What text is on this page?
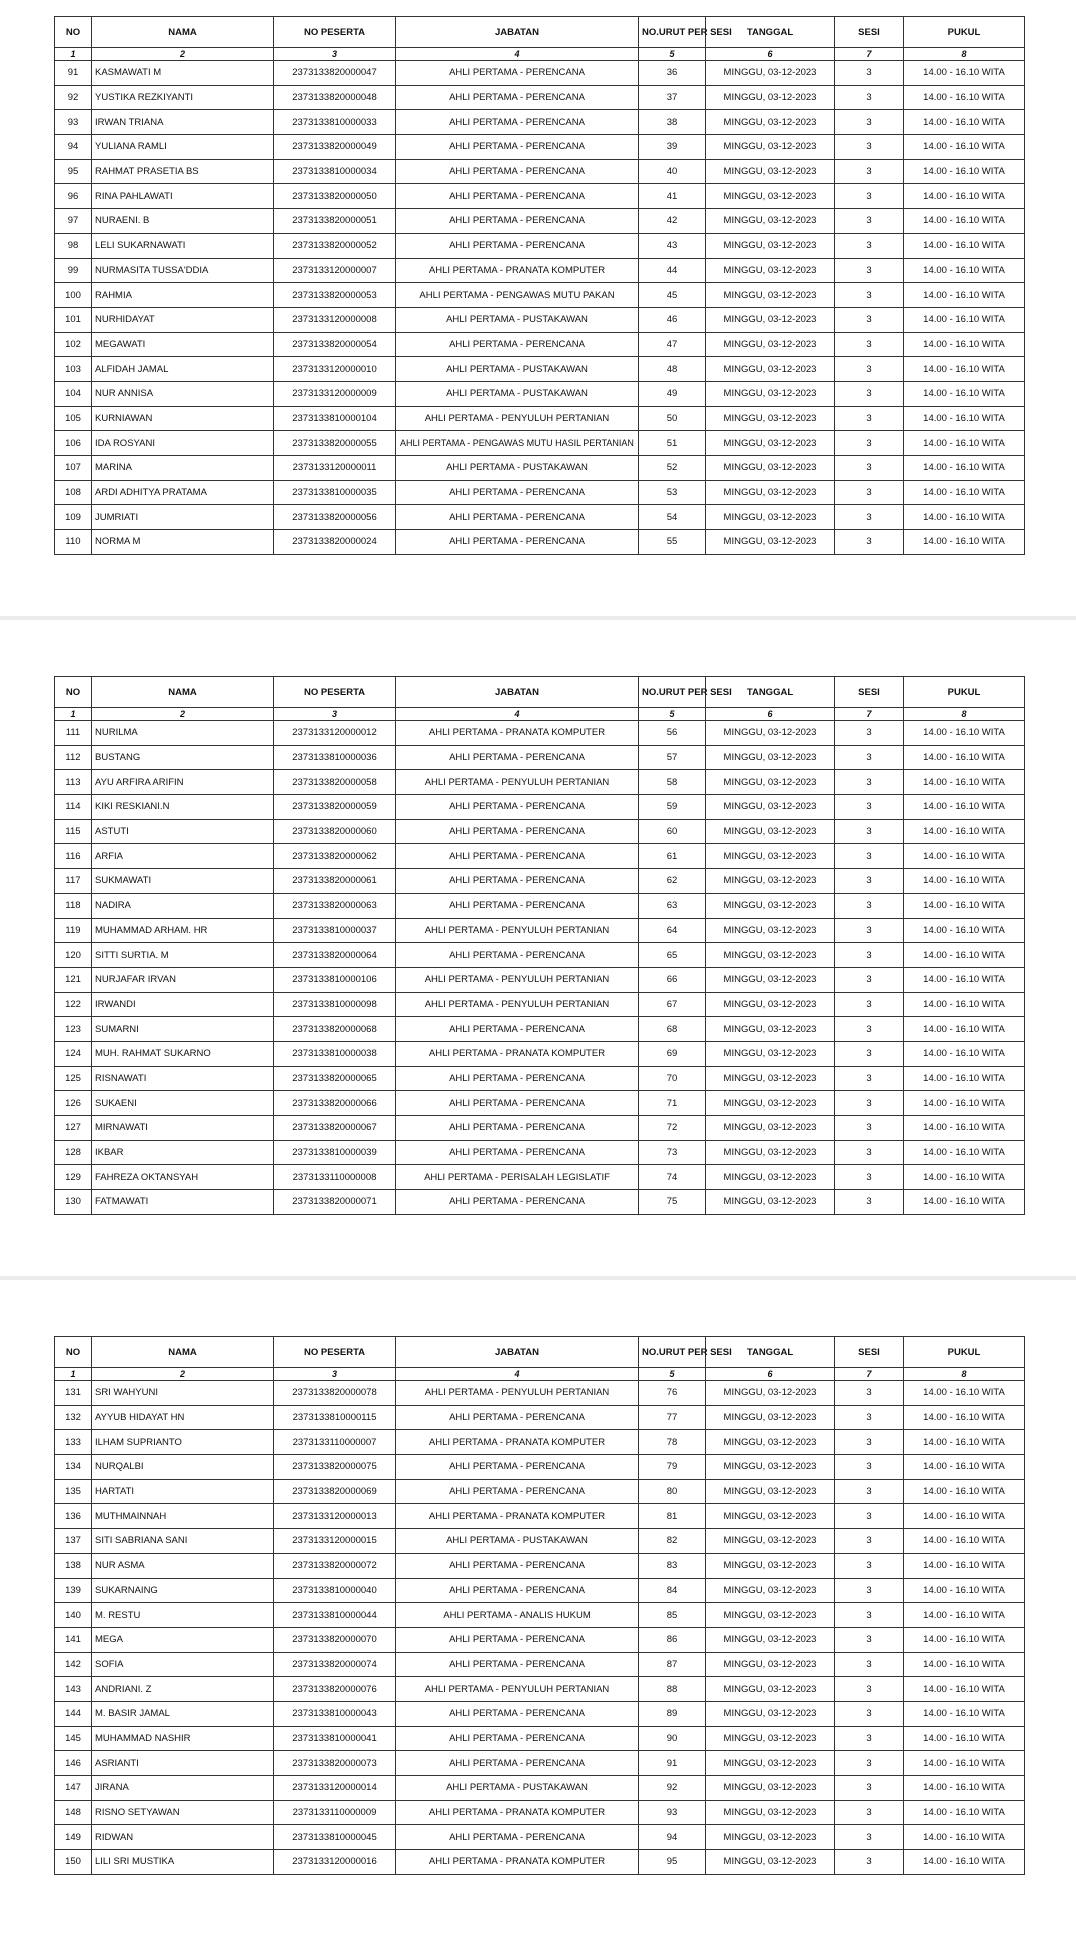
NO	NAMA	NO PESERTA	JABATAN	NO.URUT PER SESI	TANGGAL	SESI	PUKUL
1	2	3	4	5	6	7	8
91	KASMAWATI M	2373133820000047	AHLI PERTAMA - PERENCANA	36	MINGGU, 03-12-2023	3	14.00 - 16.10 WITA
92	YUSTIKA REZKIYANTI	2373133820000048	AHLI PERTAMA - PERENCANA	37	MINGGU, 03-12-2023	3	14.00 - 16.10 WITA
93	IRWAN TRIANA	2373133810000033	AHLI PERTAMA - PERENCANA	38	MINGGU, 03-12-2023	3	14.00 - 16.10 WITA
94	YULIANA RAMLI	2373133820000049	AHLI PERTAMA - PERENCANA	39	MINGGU, 03-12-2023	3	14.00 - 16.10 WITA
95	RAHMAT PRASETIA BS	2373133810000034	AHLI PERTAMA - PERENCANA	40	MINGGU, 03-12-2023	3	14.00 - 16.10 WITA
96	RINA PAHLAWATI	2373133820000050	AHLI PERTAMA - PERENCANA	41	MINGGU, 03-12-2023	3	14.00 - 16.10 WITA
97	NURAENI. B	2373133820000051	AHLI PERTAMA - PERENCANA	42	MINGGU, 03-12-2023	3	14.00 - 16.10 WITA
98	LELI SUKARNAWATI	2373133820000052	AHLI PERTAMA - PERENCANA	43	MINGGU, 03-12-2023	3	14.00 - 16.10 WITA
99	NURMASITA TUSSA'DDIA	2373133120000007	AHLI PERTAMA - PRANATA KOMPUTER	44	MINGGU, 03-12-2023	3	14.00 - 16.10 WITA
100	RAHMIA	2373133820000053	AHLI PERTAMA - PENGAWAS MUTU PAKAN	45	MINGGU, 03-12-2023	3	14.00 - 16.10 WITA
101	NURHIDAYAT	2373133120000008	AHLI PERTAMA - PUSTAKAWAN	46	MINGGU, 03-12-2023	3	14.00 - 16.10 WITA
102	MEGAWATI	2373133820000054	AHLI PERTAMA - PERENCANA	47	MINGGU, 03-12-2023	3	14.00 - 16.10 WITA
103	ALFIDAH JAMAL	2373133120000010	AHLI PERTAMA - PUSTAKAWAN	48	MINGGU, 03-12-2023	3	14.00 - 16.10 WITA
104	NUR ANNISA	2373133120000009	AHLI PERTAMA - PUSTAKAWAN	49	MINGGU, 03-12-2023	3	14.00 - 16.10 WITA
105	KURNIAWAN	2373133810000104	AHLI PERTAMA - PENYULUH PERTANIAN	50	MINGGU, 03-12-2023	3	14.00 - 16.10 WITA
106	IDA ROSYANI	2373133820000055	AHLI PERTAMA - PENGAWAS MUTU HASIL PERTANIAN	51	MINGGU, 03-12-2023	3	14.00 - 16.10 WITA
107	MARINA	2373133120000011	AHLI PERTAMA - PUSTAKAWAN	52	MINGGU, 03-12-2023	3	14.00 - 16.10 WITA
108	ARDI ADHITYA PRATAMA	2373133810000035	AHLI PERTAMA - PERENCANA	53	MINGGU, 03-12-2023	3	14.00 - 16.10 WITA
109	JUMRIATI	2373133820000056	AHLI PERTAMA - PERENCANA	54	MINGGU, 03-12-2023	3	14.00 - 16.10 WITA
110	NORMA M	2373133820000024	AHLI PERTAMA - PERENCANA	55	MINGGU, 03-12-2023	3	14.00 - 16.10 WITA
NO	NAMA	NO PESERTA	JABATAN	NO.URUT PER SESI	TANGGAL	SESI	PUKUL
1	2	3	4	5	6	7	8
111	NURILMA	2373133120000012	AHLI PERTAMA - PRANATA KOMPUTER	56	MINGGU, 03-12-2023	3	14.00 - 16.10 WITA
112	BUSTANG	2373133810000036	AHLI PERTAMA - PERENCANA	57	MINGGU, 03-12-2023	3	14.00 - 16.10 WITA
113	AYU ARFIRA ARIFIN	2373133820000058	AHLI PERTAMA - PENYULUH PERTANIAN	58	MINGGU, 03-12-2023	3	14.00 - 16.10 WITA
114	KIKI RESKIANI.N	2373133820000059	AHLI PERTAMA - PERENCANA	59	MINGGU, 03-12-2023	3	14.00 - 16.10 WITA
115	ASTUTI	2373133820000060	AHLI PERTAMA - PERENCANA	60	MINGGU, 03-12-2023	3	14.00 - 16.10 WITA
116	ARFIA	2373133820000062	AHLI PERTAMA - PERENCANA	61	MINGGU, 03-12-2023	3	14.00 - 16.10 WITA
117	SUKMAWATI	2373133820000061	AHLI PERTAMA - PERENCANA	62	MINGGU, 03-12-2023	3	14.00 - 16.10 WITA
118	NADIRA	2373133820000063	AHLI PERTAMA - PERENCANA	63	MINGGU, 03-12-2023	3	14.00 - 16.10 WITA
119	MUHAMMAD ARHAM. HR	2373133810000037	AHLI PERTAMA - PENYULUH PERTANIAN	64	MINGGU, 03-12-2023	3	14.00 - 16.10 WITA
120	SITTI SURTIA. M	2373133820000064	AHLI PERTAMA - PERENCANA	65	MINGGU, 03-12-2023	3	14.00 - 16.10 WITA
121	NURJAFAR IRVAN	2373133810000106	AHLI PERTAMA - PENYULUH PERTANIAN	66	MINGGU, 03-12-2023	3	14.00 - 16.10 WITA
122	IRWANDI	2373133810000098	AHLI PERTAMA - PENYULUH PERTANIAN	67	MINGGU, 03-12-2023	3	14.00 - 16.10 WITA
123	SUMARNI	2373133820000068	AHLI PERTAMA - PERENCANA	68	MINGGU, 03-12-2023	3	14.00 - 16.10 WITA
124	MUH. RAHMAT SUKARNO	2373133810000038	AHLI PERTAMA - PRANATA KOMPUTER	69	MINGGU, 03-12-2023	3	14.00 - 16.10 WITA
125	RISNAWATI	2373133820000065	AHLI PERTAMA - PERENCANA	70	MINGGU, 03-12-2023	3	14.00 - 16.10 WITA
126	SUKAENI	2373133820000066	AHLI PERTAMA - PERENCANA	71	MINGGU, 03-12-2023	3	14.00 - 16.10 WITA
127	MIRNAWATI	2373133820000067	AHLI PERTAMA - PERENCANA	72	MINGGU, 03-12-2023	3	14.00 - 16.10 WITA
128	IKBAR	2373133810000039	AHLI PERTAMA - PERENCANA	73	MINGGU, 03-12-2023	3	14.00 - 16.10 WITA
129	FAHREZA OKTANSYAH	2373133110000008	AHLI PERTAMA - PERISALAH LEGISLATIF	74	MINGGU, 03-12-2023	3	14.00 - 16.10 WITA
130	FATMAWATI	2373133820000071	AHLI PERTAMA - PERENCANA	75	MINGGU, 03-12-2023	3	14.00 - 16.10 WITA
NO	NAMA	NO PESERTA	JABATAN	NO.URUT PER SESI	TANGGAL	SESI	PUKUL
1	2	3	4	5	6	7	8
131	SRI WAHYUNI	2373133820000078	AHLI PERTAMA - PENYULUH PERTANIAN	76	MINGGU, 03-12-2023	3	14.00 - 16.10 WITA
132	AYYUB HIDAYAT HN	2373133810000115	AHLI PERTAMA - PERENCANA	77	MINGGU, 03-12-2023	3	14.00 - 16.10 WITA
133	ILHAM SUPRIANTO	2373133110000007	AHLI PERTAMA - PRANATA KOMPUTER	78	MINGGU, 03-12-2023	3	14.00 - 16.10 WITA
134	NURQALBI	2373133820000075	AHLI PERTAMA - PERENCANA	79	MINGGU, 03-12-2023	3	14.00 - 16.10 WITA
135	HARTATI	2373133820000069	AHLI PERTAMA - PERENCANA	80	MINGGU, 03-12-2023	3	14.00 - 16.10 WITA
136	MUTHMAINNAH	2373133120000013	AHLI PERTAMA - PRANATA KOMPUTER	81	MINGGU, 03-12-2023	3	14.00 - 16.10 WITA
137	SITI SABRIANA SANI	2373133120000015	AHLI PERTAMA - PUSTAKAWAN	82	MINGGU, 03-12-2023	3	14.00 - 16.10 WITA
138	NUR ASMA	2373133820000072	AHLI PERTAMA - PERENCANA	83	MINGGU, 03-12-2023	3	14.00 - 16.10 WITA
139	SUKARNAING	2373133810000040	AHLI PERTAMA - PERENCANA	84	MINGGU, 03-12-2023	3	14.00 - 16.10 WITA
140	M. RESTU	2373133810000044	AHLI PERTAMA - ANALIS HUKUM	85	MINGGU, 03-12-2023	3	14.00 - 16.10 WITA
141	MEGA	2373133820000070	AHLI PERTAMA - PERENCANA	86	MINGGU, 03-12-2023	3	14.00 - 16.10 WITA
142	SOFIA	2373133820000074	AHLI PERTAMA - PERENCANA	87	MINGGU, 03-12-2023	3	14.00 - 16.10 WITA
143	ANDRIANI. Z	2373133820000076	AHLI PERTAMA - PENYULUH PERTANIAN	88	MINGGU, 03-12-2023	3	14.00 - 16.10 WITA
144	M. BASIR JAMAL	2373133810000043	AHLI PERTAMA - PERENCANA	89	MINGGU, 03-12-2023	3	14.00 - 16.10 WITA
145	MUHAMMAD NASHIR	2373133810000041	AHLI PERTAMA - PERENCANA	90	MINGGU, 03-12-2023	3	14.00 - 16.10 WITA
146	ASRIANTI	2373133820000073	AHLI PERTAMA - PERENCANA	91	MINGGU, 03-12-2023	3	14.00 - 16.10 WITA
147	JIRANA	2373133120000014	AHLI PERTAMA - PUSTAKAWAN	92	MINGGU, 03-12-2023	3	14.00 - 16.10 WITA
148	RISNO SETYAWAN	2373133110000009	AHLI PERTAMA - PRANATA KOMPUTER	93	MINGGU, 03-12-2023	3	14.00 - 16.10 WITA
149	RIDWAN	2373133810000045	AHLI PERTAMA - PERENCANA	94	MINGGU, 03-12-2023	3	14.00 - 16.10 WITA
150	LILI SRI MUSTIKA	2373133120000016	AHLI PERTAMA - PRANATA KOMPUTER	95	MINGGU, 03-12-2023	3	14.00 - 16.10 WITA
